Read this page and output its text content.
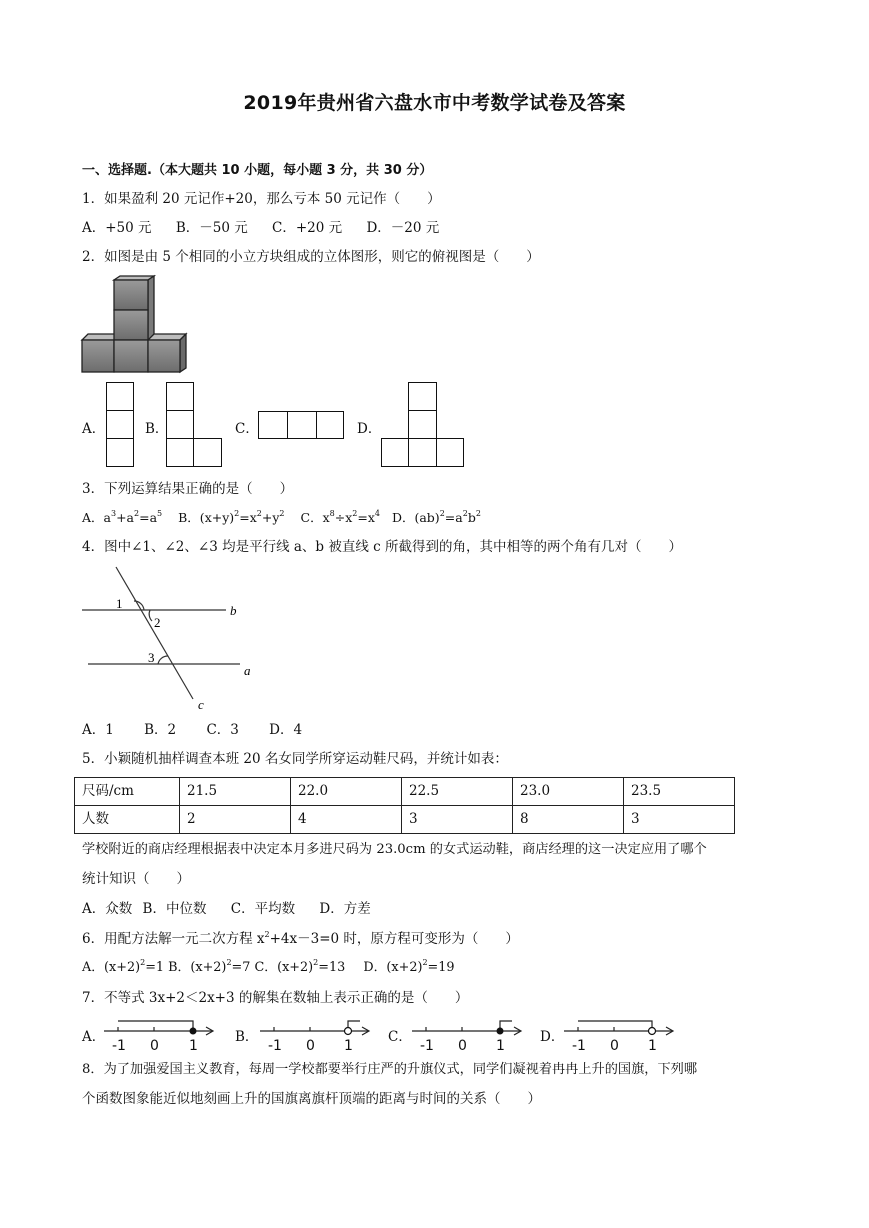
2019年贵州省六盘水市中考数学试卷及答案
一、选择题.（本大题共 10 小题，每小题 3 分，共 30 分）
1．如果盈利 20 元记作+20，那么亏本 50 元记作（　　）
A．+50 元 B．－50 元 C．+20 元 D．－20 元
2．如图是由 5 个相同的小立方块组成的立体图形，则它的俯视图是（　　）
A．	B．	C．	D．
3．下列运算结果正确的是（　　）
A．$a^3+a^2=a^5$ B．$(x+y)^2=x^2+y^2$ C．$x^8\div x^2=x^4$ D．$(ab)^2=a^2b^2$
4．图中∠1、∠2、∠3 均是平行线 a、b 被直线 c 所截得到的角，其中相等的两个角有几对（　　）
1
2
3
b
a
c
A．1 B．2 C．3 D．4
5．小颖随机抽样调查本班 20 名女同学所穿运动鞋尺码，并统计如表：
尺码/cm	21.5	22.0	22.5	23.0	23.5
人数	2	4	3	8	3
学校附近的商店经理根据表中决定本月多进尺码为 23.0cm 的女式运动鞋，商店经理的这一决定应用了哪个
统计知识（　　）
A．众数 B．中位数 C．平均数 D．方差
6．用配方法解一元二次方程 $x^2+4x-3=0$ 时，原方程可变形为（　　）
A．$(x+2)^2=1$ B．$(x+2)^2=7$ C．$(x+2)^2=13$ D．$(x+2)^2=19$
7．不等式 3x+2＜2x+3 的解集在数轴上表示正确的是（　　）
A．
-1 0 1
B．
-1 0 1
C．
-1 0 1
D．
-1 0 1
8．为了加强爱国主义教育，每周一学校都要举行庄严的升旗仪式，同学们凝视着冉冉上升的国旗，下列哪
个函数图象能近似地刻画上升的国旗离旗杆顶端的距离与时间的关系（　　）
